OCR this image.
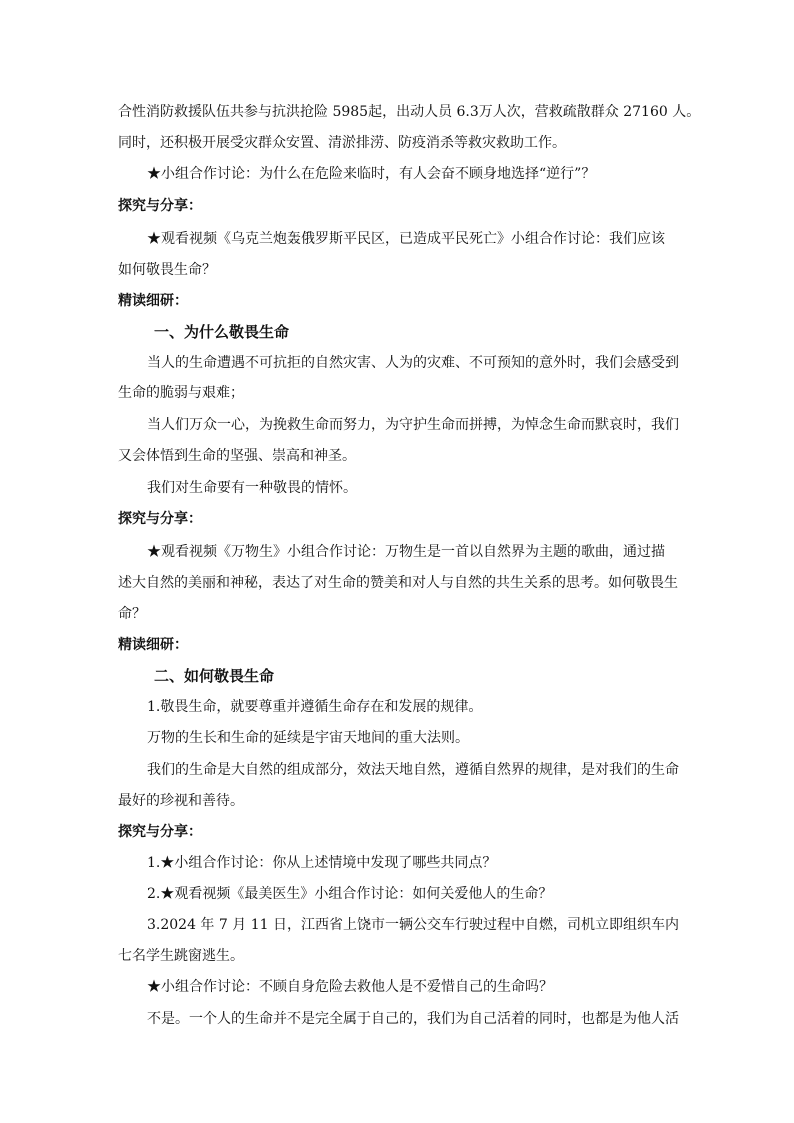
合性消防救援队伍共参与抗洪抢险 5985起，出动人员 6.3万人次，营救疏散群众 27160 人。
同时，还积极开展受灾群众安置、清淤排涝、防疫消杀等救灾救助工作。
★小组合作讨论：为什么在危险来临时，有人会奋不顾身地选择“逆行”？
探究与分享：
★观看视频《乌克兰炮轰俄罗斯平民区，已造成平民死亡》小组合作讨论：我们应该
如何敬畏生命？
精读细研：
一、为什么敬畏生命
当人的生命遭遇不可抗拒的自然灾害、人为的灾难、不可预知的意外时，我们会感受到
生命的脆弱与艰难；
当人们万众一心，为挽救生命而努力，为守护生命而拼搏，为悼念生命而默哀时，我们
又会体悟到生命的坚强、崇高和神圣。
我们对生命要有一种敬畏的情怀。
探究与分享：
★观看视频《万物生》小组合作讨论：万物生是一首以自然界为主题的歌曲，通过描
述大自然的美丽和神秘，表达了对生命的赞美和对人与自然的共生关系的思考。如何敬畏生
命？
精读细研：
二、如何敬畏生命
1.敬畏生命，就要尊重并遵循生命存在和发展的规律。
万物的生长和生命的延续是宇宙天地间的重大法则。
我们的生命是大自然的组成部分，效法天地自然，遵循自然界的规律，是对我们的生命
最好的珍视和善待。
探究与分享：
1.★小组合作讨论：你从上述情境中发现了哪些共同点？
2.★观看视频《最美医生》小组合作讨论：如何关爱他人的生命？
3.2024 年 7 月 11 日，江西省上饶市一辆公交车行驶过程中自燃，司机立即组织车内
七名学生跳窗逃生。
★小组合作讨论：不顾自身危险去救他人是不爱惜自己的生命吗？
不是。一个人的生命并不是完全属于自己的，我们为自己活着的同时，也都是为他人活
